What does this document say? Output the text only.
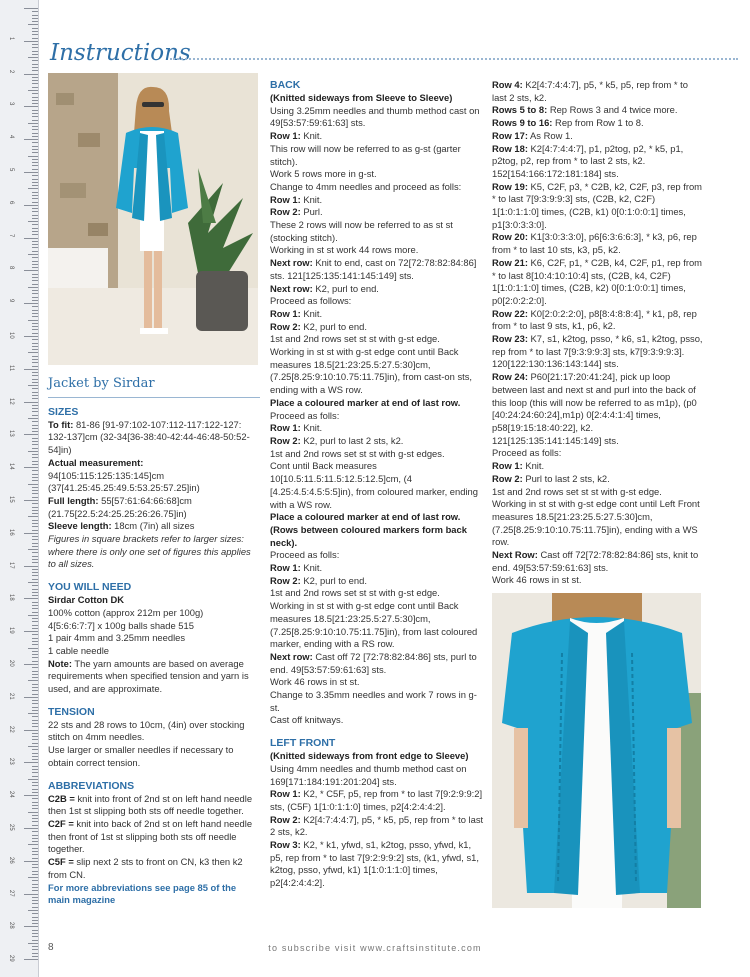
1
2
3
4
5
6
7
8
9
10
11
12
13
14
15
16
17
18
19
20
21
22
23
24
25
26
27
28
29
Instructions
Jacket by Sirdar

SIZES

To fit: 81-86 [91-97:102-107:112-117:122-127: 132-137]cm (32-34[36-38:40-42:44-46:48-50:52-54]in)

Actual measurement: 94[105:115:125:135:145]cm (37[41.25:45.25:49.5:53.25:57.25]in)

Full length: 55[57:61:64:66:68]cm (21.75[22.5:24:25.25:26:26.75]in)

Sleeve length: 18cm (7in) all sizes

Figures in square brackets refer to larger sizes: where there is only one set of figures this applies to all sizes.

YOU WILL NEED

Sirdar Cotton DK

100% cotton (approx 212m per 100g)

4[5:6:6:7:7] x 100g balls shade 515

1 pair 4mm and 3.25mm needles

1 cable needle

Note: The yarn amounts are based on average requirements when specified tension and yarn is used, and are approximate.

TENSION

22 sts and 28 rows to 10cm, (4in) over stocking stitch on 4mm needles.

Use larger or smaller needles if necessary to obtain correct tension.

ABBREVIATIONS

C2B = knit into front of 2nd st on left hand needle then 1st st slipping both sts off needle together.

C2F = knit into back of 2nd st on left hand needle then front of 1st st slipping both sts off needle together.

C5F = slip next 2 sts to front on CN, k3 then k2 from CN.

For more abbreviations see page 85 of the main magazine

BACK

(Knitted sideways from Sleeve to Sleeve)

Using 3.25mm needles and thumb method cast on 49[53:57:59:61:63] sts.

Row 1: Knit.

This row will now be referred to as g-st (garter stitch).

Work 5 rows more in g-st.

Change to 4mm needles and proceed as folls:

Row 1: Knit.

Row 2: Purl.

These 2 rows will now be referred to as st st (stocking stitch).

Working in st st work 44 rows more.

Next row: Knit to end, cast on 72[72:78:82:84:86] sts. 121[125:135:141:145:149] sts.

Next row: K2, purl to end.

Proceed as follows:

Row 1: Knit.

Row 2: K2, purl to end.

1st and 2nd rows set st st with g-st edge.

Working in st st with g-st edge cont until Back measures 18.5[21:23:25.5:27.5:30]cm, (7.25[8.25:9:10:10.75:11.75]in), from cast-on sts, ending with a WS row.

Place a coloured marker at end of last row.

Proceed as folls:

Row 1: Knit.

Row 2: K2, purl to last 2 sts, k2.

1st and 2nd rows set st st with g-st edges.

Cont until Back measures 10[10.5:11.5:11.5:12.5:12.5]cm, (4 [4.25:4.5:4.5:5:5]in), from coloured marker, ending with a WS row.

Place a coloured marker at end of last row. (Rows between coloured markers form back neck).

Proceed as folls:

Row 1: Knit.

Row 2: K2, purl to end.

1st and 2nd rows set st st with g-st edge.

Working in st st with g-st edge cont until Back measures 18.5[21:23:25.5:27.5:30]cm, (7.25[8.25:9:10:10.75:11.75]in), from last coloured marker, ending with a RS row.

Next row: Cast off 72 [72:78:82:84:86] sts, purl to end. 49[53:57:59:61:63] sts.

Work 46 rows in st st.

Change to 3.35mm needles and work 7 rows in g-st.

Cast off knitways.

LEFT FRONT

(Knitted sideways from front edge to Sleeve)

Using 4mm needles and thumb method cast on 169[171:184:191:201:204] sts.

Row 1: K2, * C5F, p5, rep from * to last 7[9:2:9:9:2] sts, (C5F) 1[1:0:1:1:0] times, p2[4:2:4:4:2].

Row 2: K2[4:7:4:4:7], p5, * k5, p5, rep from * to last 2 sts, k2.

Row 3: K2, * k1, yfwd, s1, k2tog, psso, yfwd, k1, p5, rep from * to last 7[9:2:9:9:2] sts, (k1, yfwd, s1, k2tog, psso, yfwd, k1) 1[1:0:1:1:0] times, p2[4:2:4:4:2].

Row 4: K2[4:7:4:4:7], p5, * k5, p5, rep from * to last 2 sts, k2.

Rows 5 to 8: Rep Rows 3 and 4 twice more.

Rows 9 to 16: Rep from Row 1 to 8.

Row 17: As Row 1.

Row 18: K2[4:7:4:4:7], p1, p2tog, p2, * k5, p1, p2tog, p2, rep from * to last 2 sts, k2. 152[154:166:172:181:184] sts.

Row 19: K5, C2F, p3, * C2B, k2, C2F, p3, rep from * to last 7[9:3:9:9:3] sts, (C2B, k2, C2F) 1[1:0:1:1:0] times, (C2B, k1) 0[0:1:0:0:1] times, p1[3:0:3:3:0].

Row 20: K1[3:0:3:3:0], p6[6:3:6:6:3], * k3, p6, rep from * to last 10 sts, k3, p5, k2.

Row 21: K6, C2F, p1, * C2B, k4, C2F, p1, rep from * to last 8[10:4:10:10:4] sts, (C2B, k4, C2F) 1[1:0:1:1:0] times, (C2B, k2) 0[0:1:0:0:1] times, p0[2:0:2:2:0].

Row 22: K0[2:0:2:2:0], p8[8:4:8:8:4], * k1, p8, rep from * to last 9 sts, k1, p6, k2.

Row 23: K7, s1, k2tog, psso, * k6, s1, k2tog, psso, rep from * to last 7[9:3:9:9:3] sts, k7[9:3:9:9:3]. 120[122:130:136:143:144] sts.

Row 24: P60[21:17:20:41:24], pick up loop between last and next st and purl into the back of this loop (this will now be referred to as m1p), (p0 [40:24:24:60:24],m1p) 0[2:4:4:1:4] times, p58[19:15:18:40:22], k2. 121[125:135:141:145:149] sts.

Proceed as folls:

Row 1: Knit.

Row 2: Purl to last 2 sts, k2.

1st and 2nd rows set st st with g-st edge.

Working in st st with g-st edge cont until Left Front measures 18.5[21:23:25.5:27.5:30]cm, (7.25[8.25:9:10:10.75:11.75]in), ending with a WS row.

Next Row: Cast off 72[72:78:82:84:86] sts, knit to end. 49[53:57:59:61:63] sts.

Work 46 rows in st st.

8	to subscribe visit www.craftsinstitute.com
